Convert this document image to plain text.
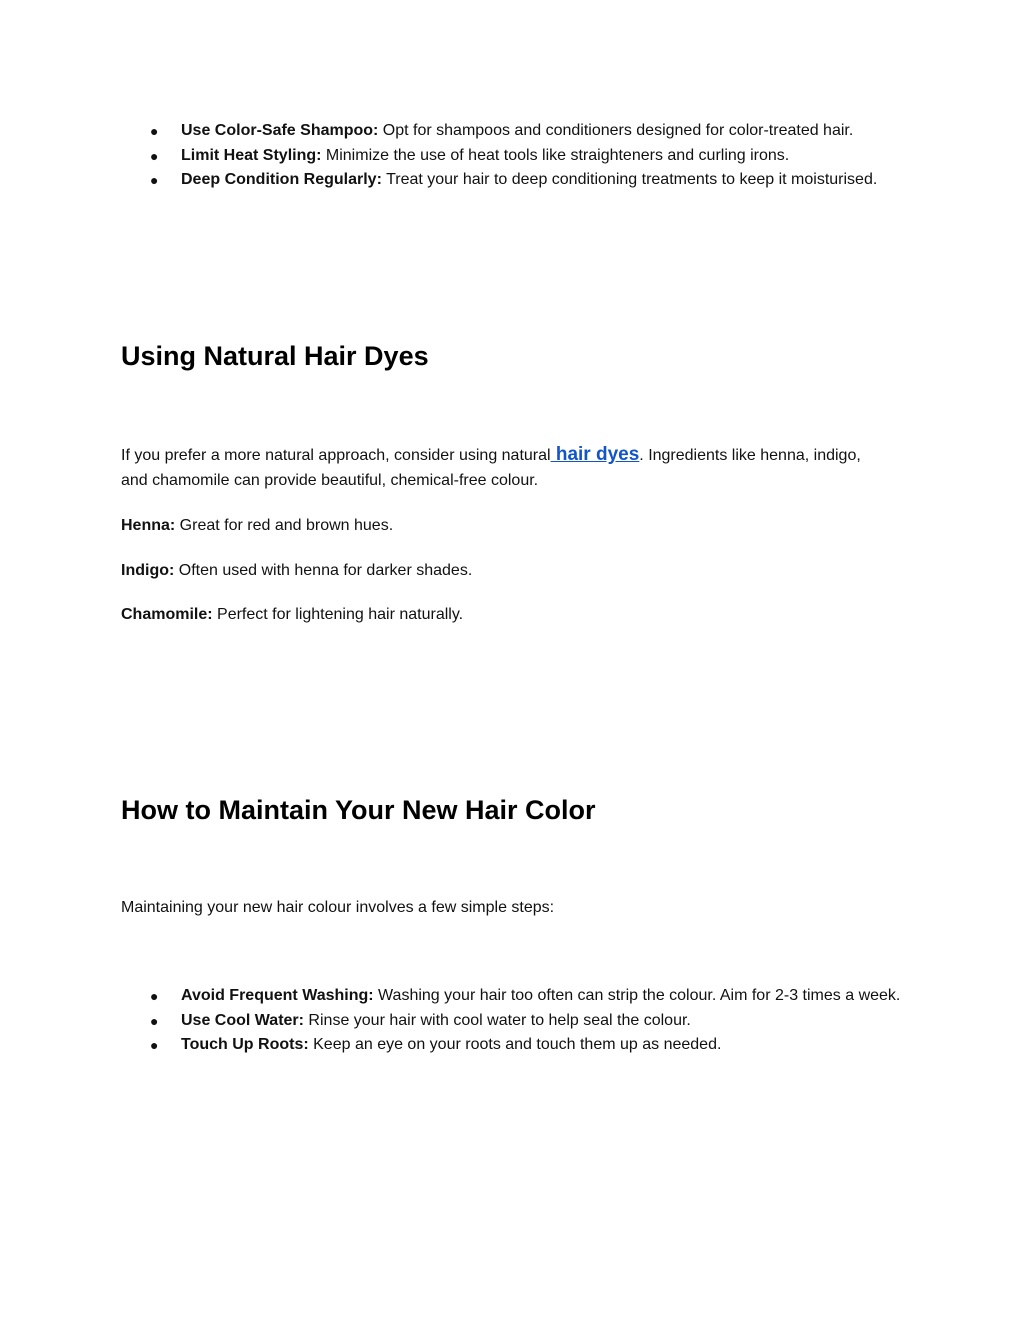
● Use Color-Safe Shampoo: Opt for shampoos and conditioners designed for color-treated hair.
● Limit Heat Styling: Minimize the use of heat tools like straighteners and curling irons.
● Deep Condition Regularly: Treat your hair to deep conditioning treatments to keep it moisturised.
Using Natural Hair Dyes

If you prefer a more natural approach, consider using natural hair dyes. Ingredients like henna, indigo, and chamomile can provide beautiful, chemical-free colour.

Henna: Great for red and brown hues.

Indigo: Often used with henna for darker shades.

Chamomile: Perfect for lightening hair naturally.

How to Maintain Your New Hair Color

Maintaining your new hair colour involves a few simple steps:

● Avoid Frequent Washing: Washing your hair too often can strip the colour. Aim for 2-3 times a week.
● Use Cool Water: Rinse your hair with cool water to help seal the colour.
● Touch Up Roots: Keep an eye on your roots and touch them up as needed.
